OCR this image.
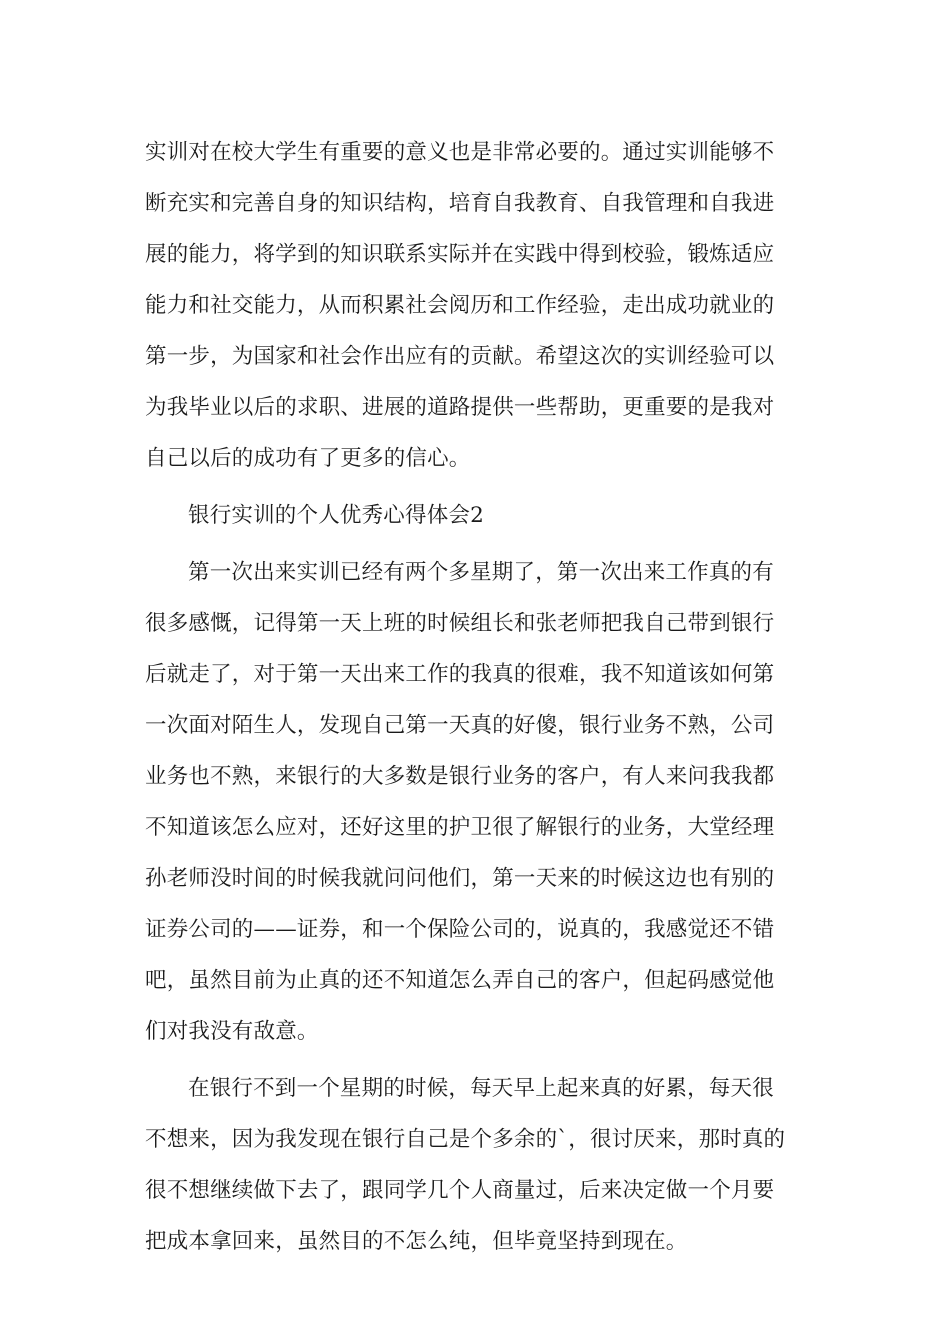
实训对在校大学生有重要的意义也是非常必要的。通过实训能够不
断充实和完善自身的知识结构，培育自我教育、自我管理和自我进
展的能力，将学到的知识联系实际并在实践中得到校验，锻炼适应
能力和社交能力，从而积累社会阅历和工作经验，走出成功就业的
第一步，为国家和社会作出应有的贡献。希望这次的实训经验可以
为我毕业以后的求职、进展的道路提供一些帮助，更重要的是我对
自己以后的成功有了更多的信心。
银行实训的个人优秀心得体会2
第一次出来实训已经有两个多星期了，第一次出来工作真的有
很多感慨，记得第一天上班的时候组长和张老师把我自己带到银行
后就走了，对于第一天出来工作的我真的很难，我不知道该如何第
一次面对陌生人，发现自己第一天真的好傻，银行业务不熟，公司
业务也不熟，来银行的大多数是银行业务的客户，有人来问我我都
不知道该怎么应对，还好这里的护卫很了解银行的业务，大堂经理
孙老师没时间的时候我就问问他们，第一天来的时候这边也有别的
证券公司的——证券，和一个保险公司的，说真的，我感觉还不错
吧，虽然目前为止真的还不知道怎么弄自己的客户，但起码感觉他
们对我没有敌意。
在银行不到一个星期的时候，每天早上起来真的好累，每天很
不想来，因为我发现在银行自己是个多余的`，很讨厌来，那时真的
很不想继续做下去了，跟同学几个人商量过，后来决定做一个月要
把成本拿回来，虽然目的不怎么纯，但毕竟坚持到现在。
